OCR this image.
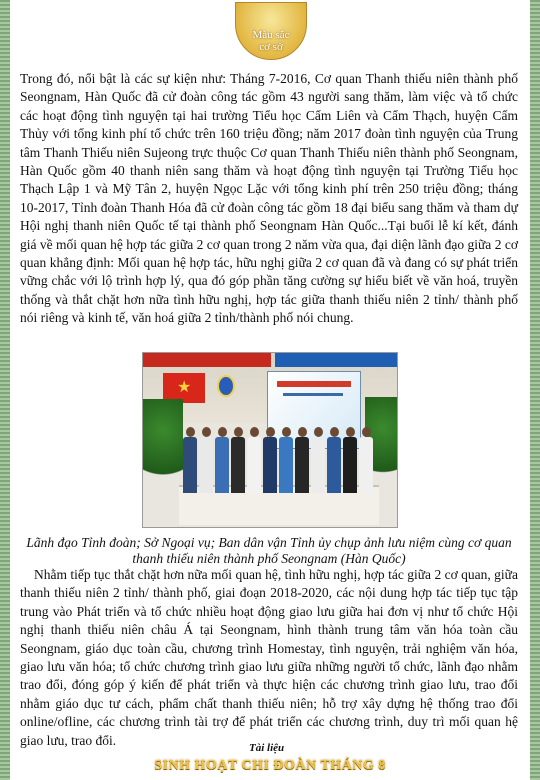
Màu sắc
cơ sở

Trong đó, nổi bật là các sự kiện như: Tháng 7-2016, Cơ quan Thanh thiếu niên thành phố Seongnam, Hàn Quốc đã cử đoàn công tác gồm 43 người sang thăm, làm việc và tổ chức các hoạt động tình nguyện tại hai trường Tiểu học Cẩm Liên và Cẩm Thạch, huyện Cẩm Thủy với tổng kinh phí tổ chức trên 160 triệu đồng; năm 2017 đoàn tình nguyện của Trung tâm Thanh Thiếu niên Sujeong trực thuộc Cơ quan Thanh Thiếu niên thành phố Seongnam, Hàn Quốc gồm 40 thanh niên sang thăm và hoạt động tình nguyện tại Trường Tiểu học Thạch Lập 1 và Mỹ Tân 2, huyện Ngọc Lặc với tổng kinh phí trên 250 triệu đồng; tháng 10-2017, Tỉnh đoàn Thanh Hóa đã cử đoàn công tác gồm 18 đại biểu sang thăm và tham dự Hội nghị thanh niên Quốc tế tại thành phố Seongnam Hàn Quốc...Tại buổi lễ kí kết, đánh giá về mối quan hệ hợp tác giữa 2 cơ quan trong 2 năm vừa qua, đại diện lãnh đạo giữa 2 cơ quan khẳng định: Mối quan hệ hợp tác, hữu nghị giữa 2 cơ quan đã và đang có sự phát triển vững chắc với lộ trình hợp lý, qua đó góp phần tăng cường sự hiểu biết về văn hoá, truyền thống và thắt chặt hơn nữa tình hữu nghị, hợp tác giữa thanh thiếu niên 2 tỉnh/ thành phố nói riêng và kinh tế, văn hoá giữa 2 tỉnh/thành phố nói chung.

★

Lãnh đạo Tỉnh đoàn; Sở Ngoại vụ; Ban dân vận Tỉnh ủy chụp ảnh lưu niệm cùng cơ quan thanh thiếu niên thành phố Seongnam (Hàn Quốc)

Nhằm tiếp tục thắt chặt hơn nữa mối quan hệ, tình hữu nghị, hợp tác giữa 2 cơ quan, giữa thanh thiếu niên 2 tỉnh/ thành phố, giai đoạn 2018-2020, các nội dung hợp tác tiếp tục tập trung vào Phát triển và tổ chức nhiều hoạt động giao lưu giữa hai đơn vị như tổ chức Hội nghị thanh thiếu niên châu Á tại Seongnam, hình thành trung tâm văn hóa toàn cầu Seongnam, giáo dục toàn cầu, chương trình Homestay, tình nguyện, trải nghiệm văn hóa, giao lưu văn hóa; tổ chức chương trình giao lưu giữa những người tổ chức, lãnh đạo nhằm trao đổi, đóng góp ý kiến để phát triển và thực hiện các chương trình giao lưu, trao đổi nhằm giáo dục tư cách, phẩm chất thanh thiếu niên; hỗ trợ xây dựng hệ thống trao đổi online/ofline, các chương trình tài trợ để phát triển các chương trình, duy trì mối quan hệ giao lưu, trao đổi.

Tài liệu
SINH HOẠT CHI ĐOÀN THÁNG 8
